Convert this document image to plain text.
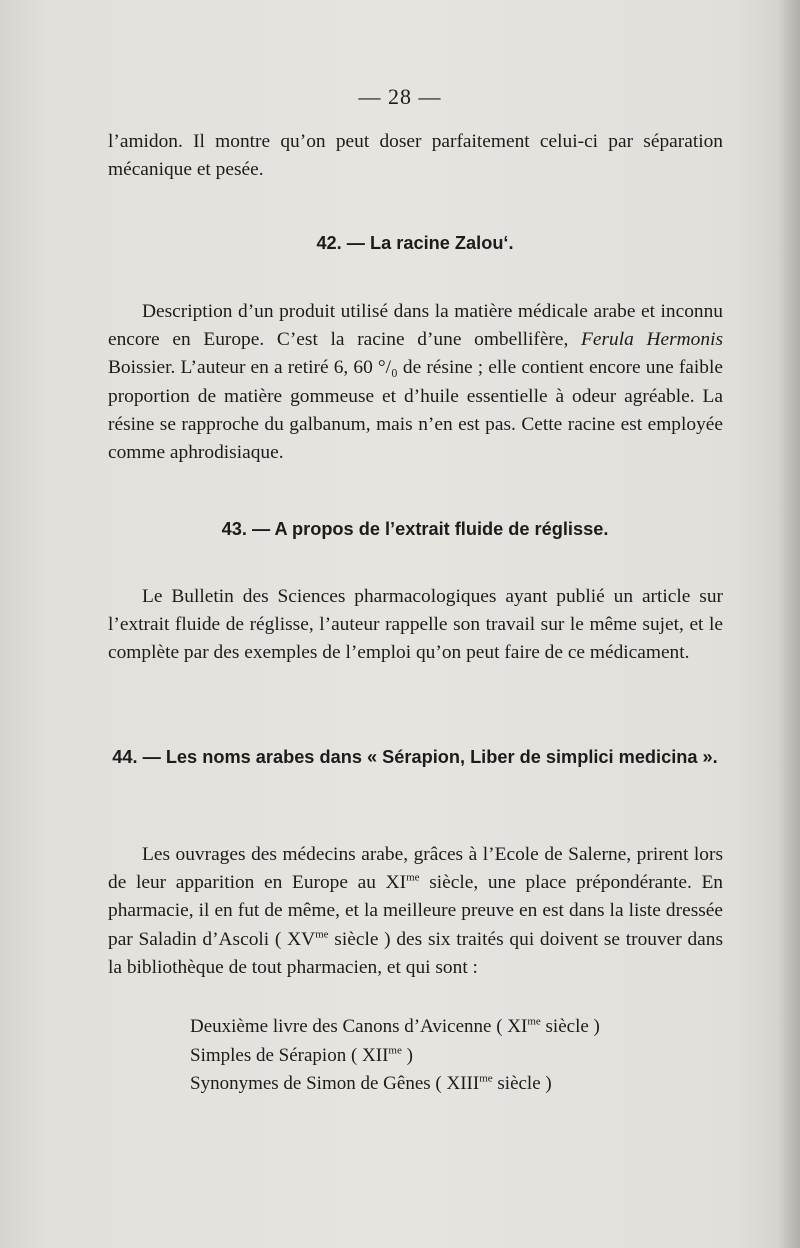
— 28 —
l’amidon. Il montre qu’on peut doser parfaitement celui-ci par séparation mécanique et pesée.
42. — La racine Zalou‘.
Description d’un produit utilisé dans la matière médicale arabe et inconnu encore en Europe. C’est la racine d’une ombellifère, Ferula Hermonis Boissier. L’auteur en a retiré 6, 60 °/₀ de résine ; elle contient encore une faible proportion de matière gommeuse et d’huile essentielle à odeur agréable. La résine se rapproche du galbanum, mais n’en est pas. Cette racine est employée comme aphrodisiaque.
43. — A propos de l’extrait fluide de réglisse.
Le Bulletin des Sciences pharmacologiques ayant publié un article sur l’extrait fluide de réglisse, l’auteur rappelle son travail sur le même sujet, et le complète par des exemples de l’emploi qu’on peut faire de ce médicament.
44. — Les noms arabes dans « Sérapion, Liber de simplici medicina ».
Les ouvrages des médecins arabe, grâces à l’Ecole de Salerne, prirent lors de leur apparition en Europe au $XI^{me}$ siècle, une place prépondérante. En pharmacie, il en fut de même, et la meilleure preuve en est dans la liste dressée par Saladin d’Ascoli ( $XV^{me}$ siècle ) des six traités qui doivent se trouver dans la bibliothèque de tout pharmacien, et qui sont :
Deuxième livre des Canons d’Avicenne ( $XI^{me}$ siècle )
Simples de Sérapion ( $XII^{me}$ )
Synonymes de Simon de Gênes ( $XIII^{me}$ siècle )
